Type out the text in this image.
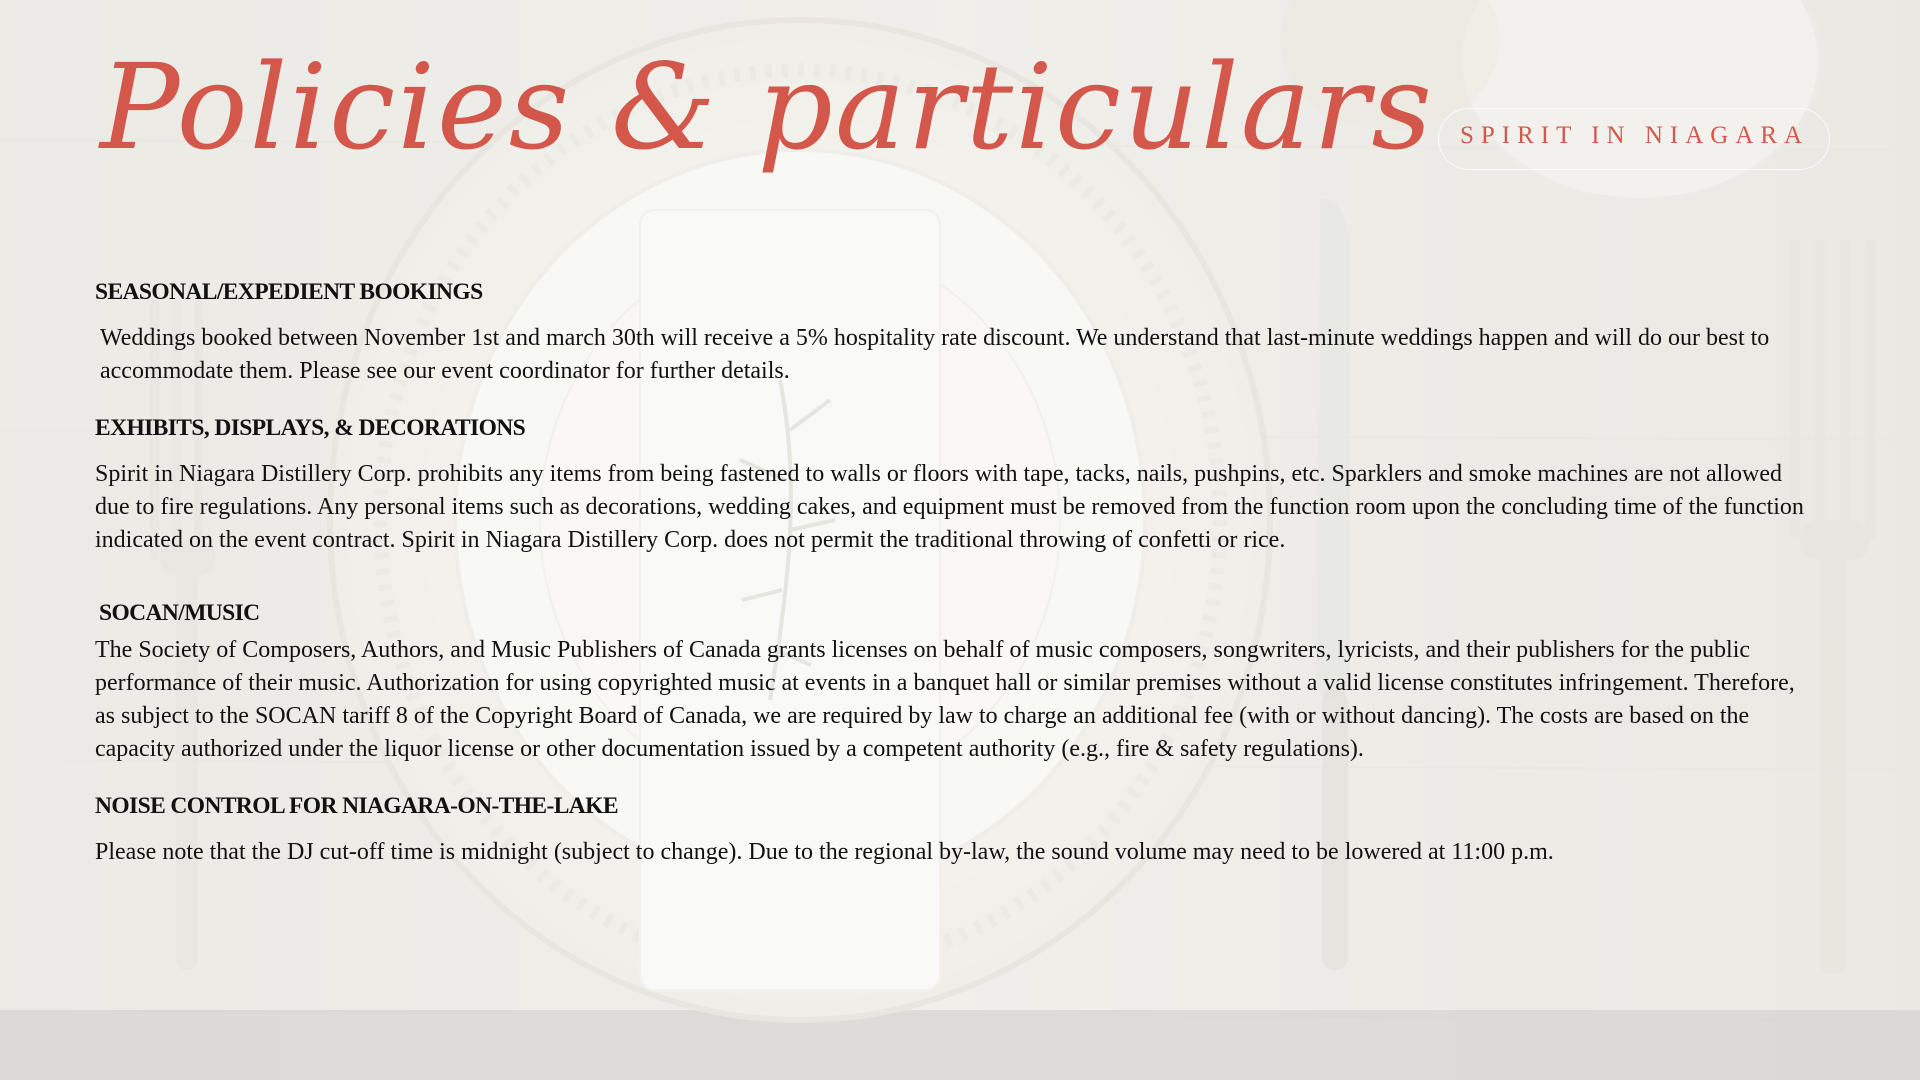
Policies & particulars SPIRIT IN NIAGARA
SEASONAL/EXPEDIENT BOOKINGS

Weddings booked between November 1st and march 30th will receive a 5% hospitality rate discount. We understand that last-minute weddings happen and will do our best to accommodate them. Please see our event coordinator for further details.

EXHIBITS, DISPLAYS, & DECORATIONS

Spirit in Niagara Distillery Corp. prohibits any items from being fastened to walls or floors with tape, tacks, nails, pushpins, etc. Sparklers and smoke machines are not allowed due to fire regulations. Any personal items such as decorations, wedding cakes, and equipment must be removed from the function room upon the concluding time of the function indicated on the event contract. Spirit in Niagara Distillery Corp. does not permit the traditional throwing of confetti or rice.

SOCAN/MUSIC

The Society of Composers, Authors, and Music Publishers of Canada grants licenses on behalf of music composers, songwriters, lyricists, and their publishers for the public performance of their music. Authorization for using copyrighted music at events in a banquet hall or similar premises without a valid license constitutes infringement. Therefore, as subject to the SOCAN tariff 8 of the Copyright Board of Canada, we are required by law to charge an additional fee (with or without dancing). The costs are based on the capacity authorized under the liquor license or other documentation issued by a competent authority (e.g., fire & safety regulations).

NOISE CONTROL FOR NIAGARA-ON-THE-LAKE

Please note that the DJ cut-off time is midnight (subject to change). Due to the regional by-law, the sound volume may need to be lowered at 11:00 p.m.
